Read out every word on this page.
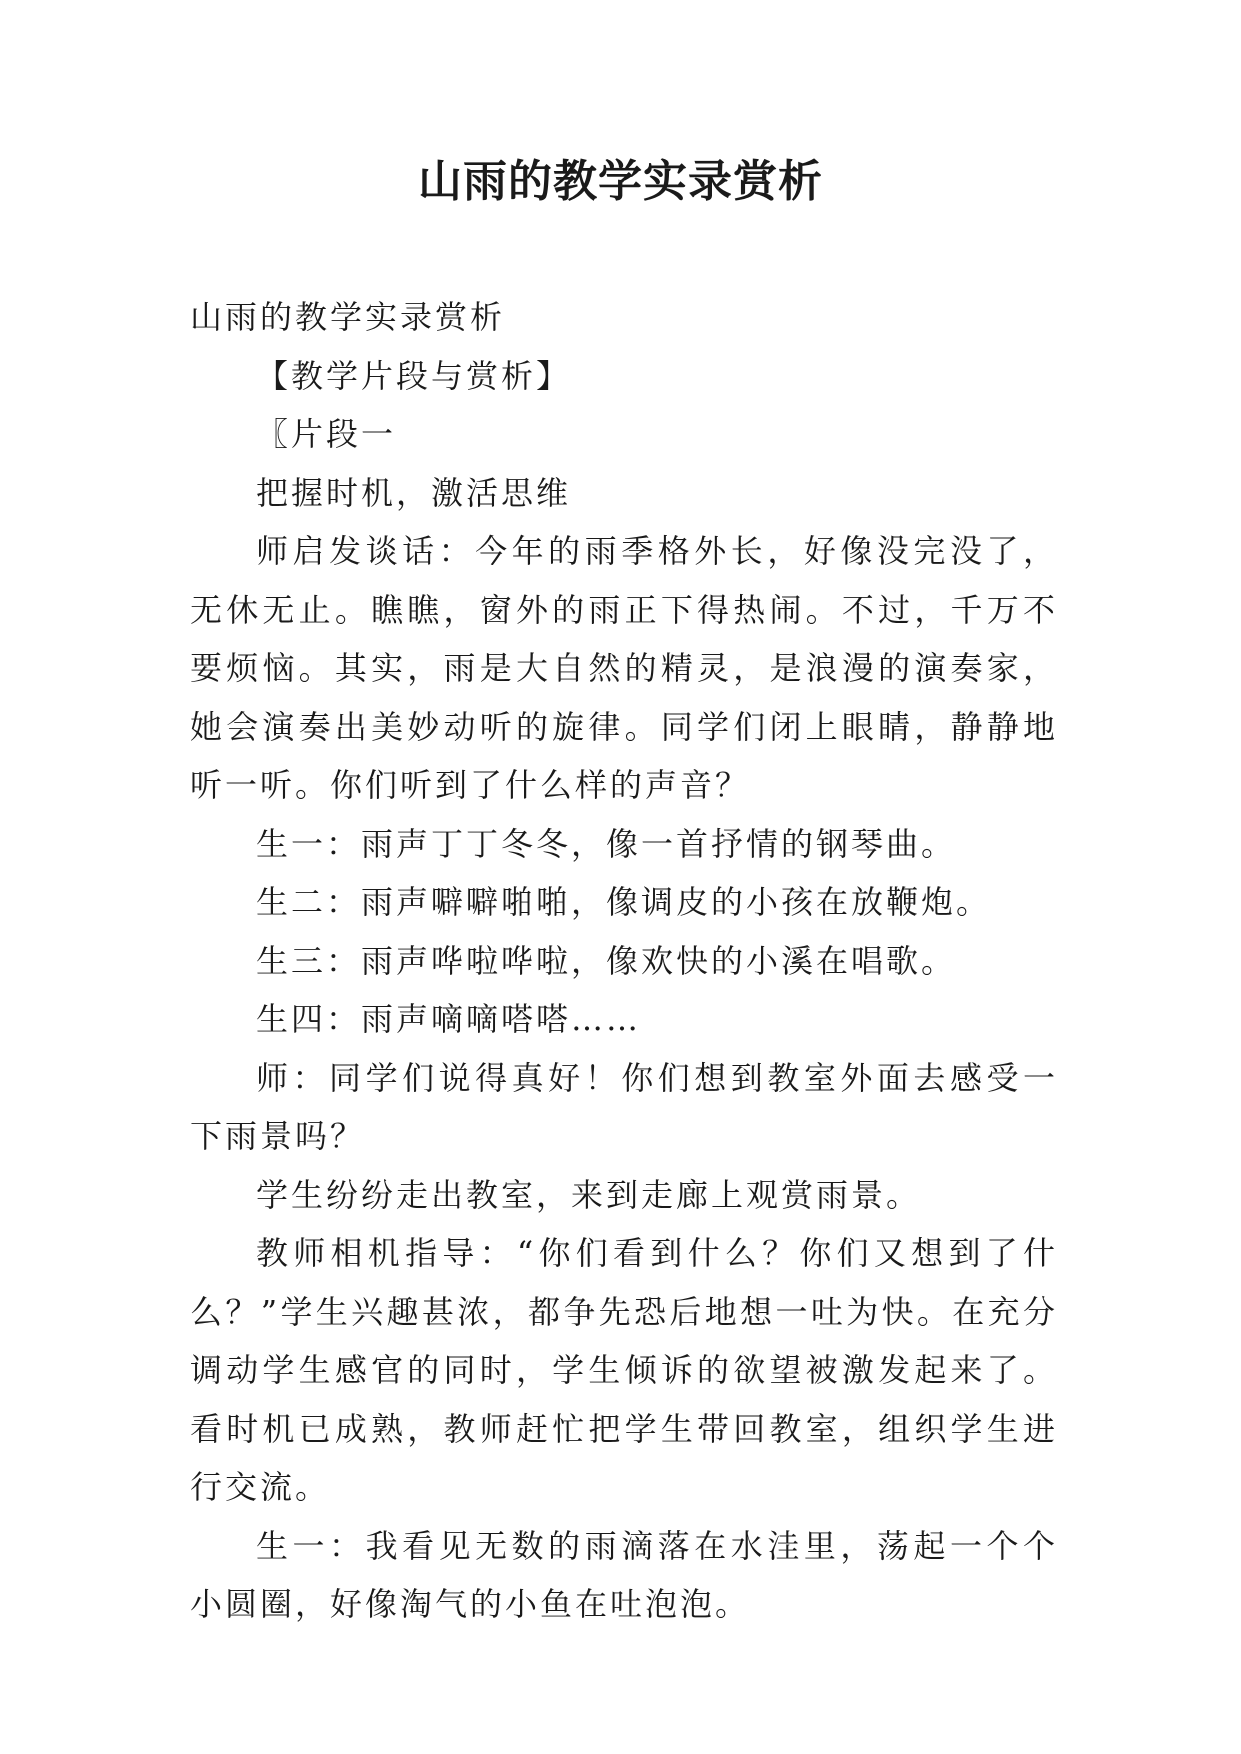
山雨的教学实录赏析

山雨的教学实录赏析

【教学片段与赏析】

〖片段一

把握时机，激活思维

师启发谈话：今年的雨季格外长，好像没完没了，无休无止。瞧瞧，窗外的雨正下得热闹。不过，千万不要烦恼。其实，雨是大自然的精灵，是浪漫的演奏家，她会演奏出美妙动听的旋律。同学们闭上眼睛，静静地听一听。你们听到了什么样的声音？

生一：雨声丁丁冬冬，像一首抒情的钢琴曲。

生二：雨声噼噼啪啪，像调皮的小孩在放鞭炮。

生三：雨声哗啦哗啦，像欢快的小溪在唱歌。

生四：雨声嘀嘀嗒嗒……

师：同学们说得真好！你们想到教室外面去感受一下雨景吗？

学生纷纷走出教室，来到走廊上观赏雨景。

教师相机指导：“你们看到什么？你们又想到了什么？”学生兴趣甚浓，都争先恐后地想一吐为快。在充分调动学生感官的同时，学生倾诉的欲望被激发起来了。看时机已成熟，教师赶忙把学生带回教室，组织学生进行交流。

生一：我看见无数的雨滴落在水洼里，荡起一个个小圆圈，好像淘气的小鱼在吐泡泡。
